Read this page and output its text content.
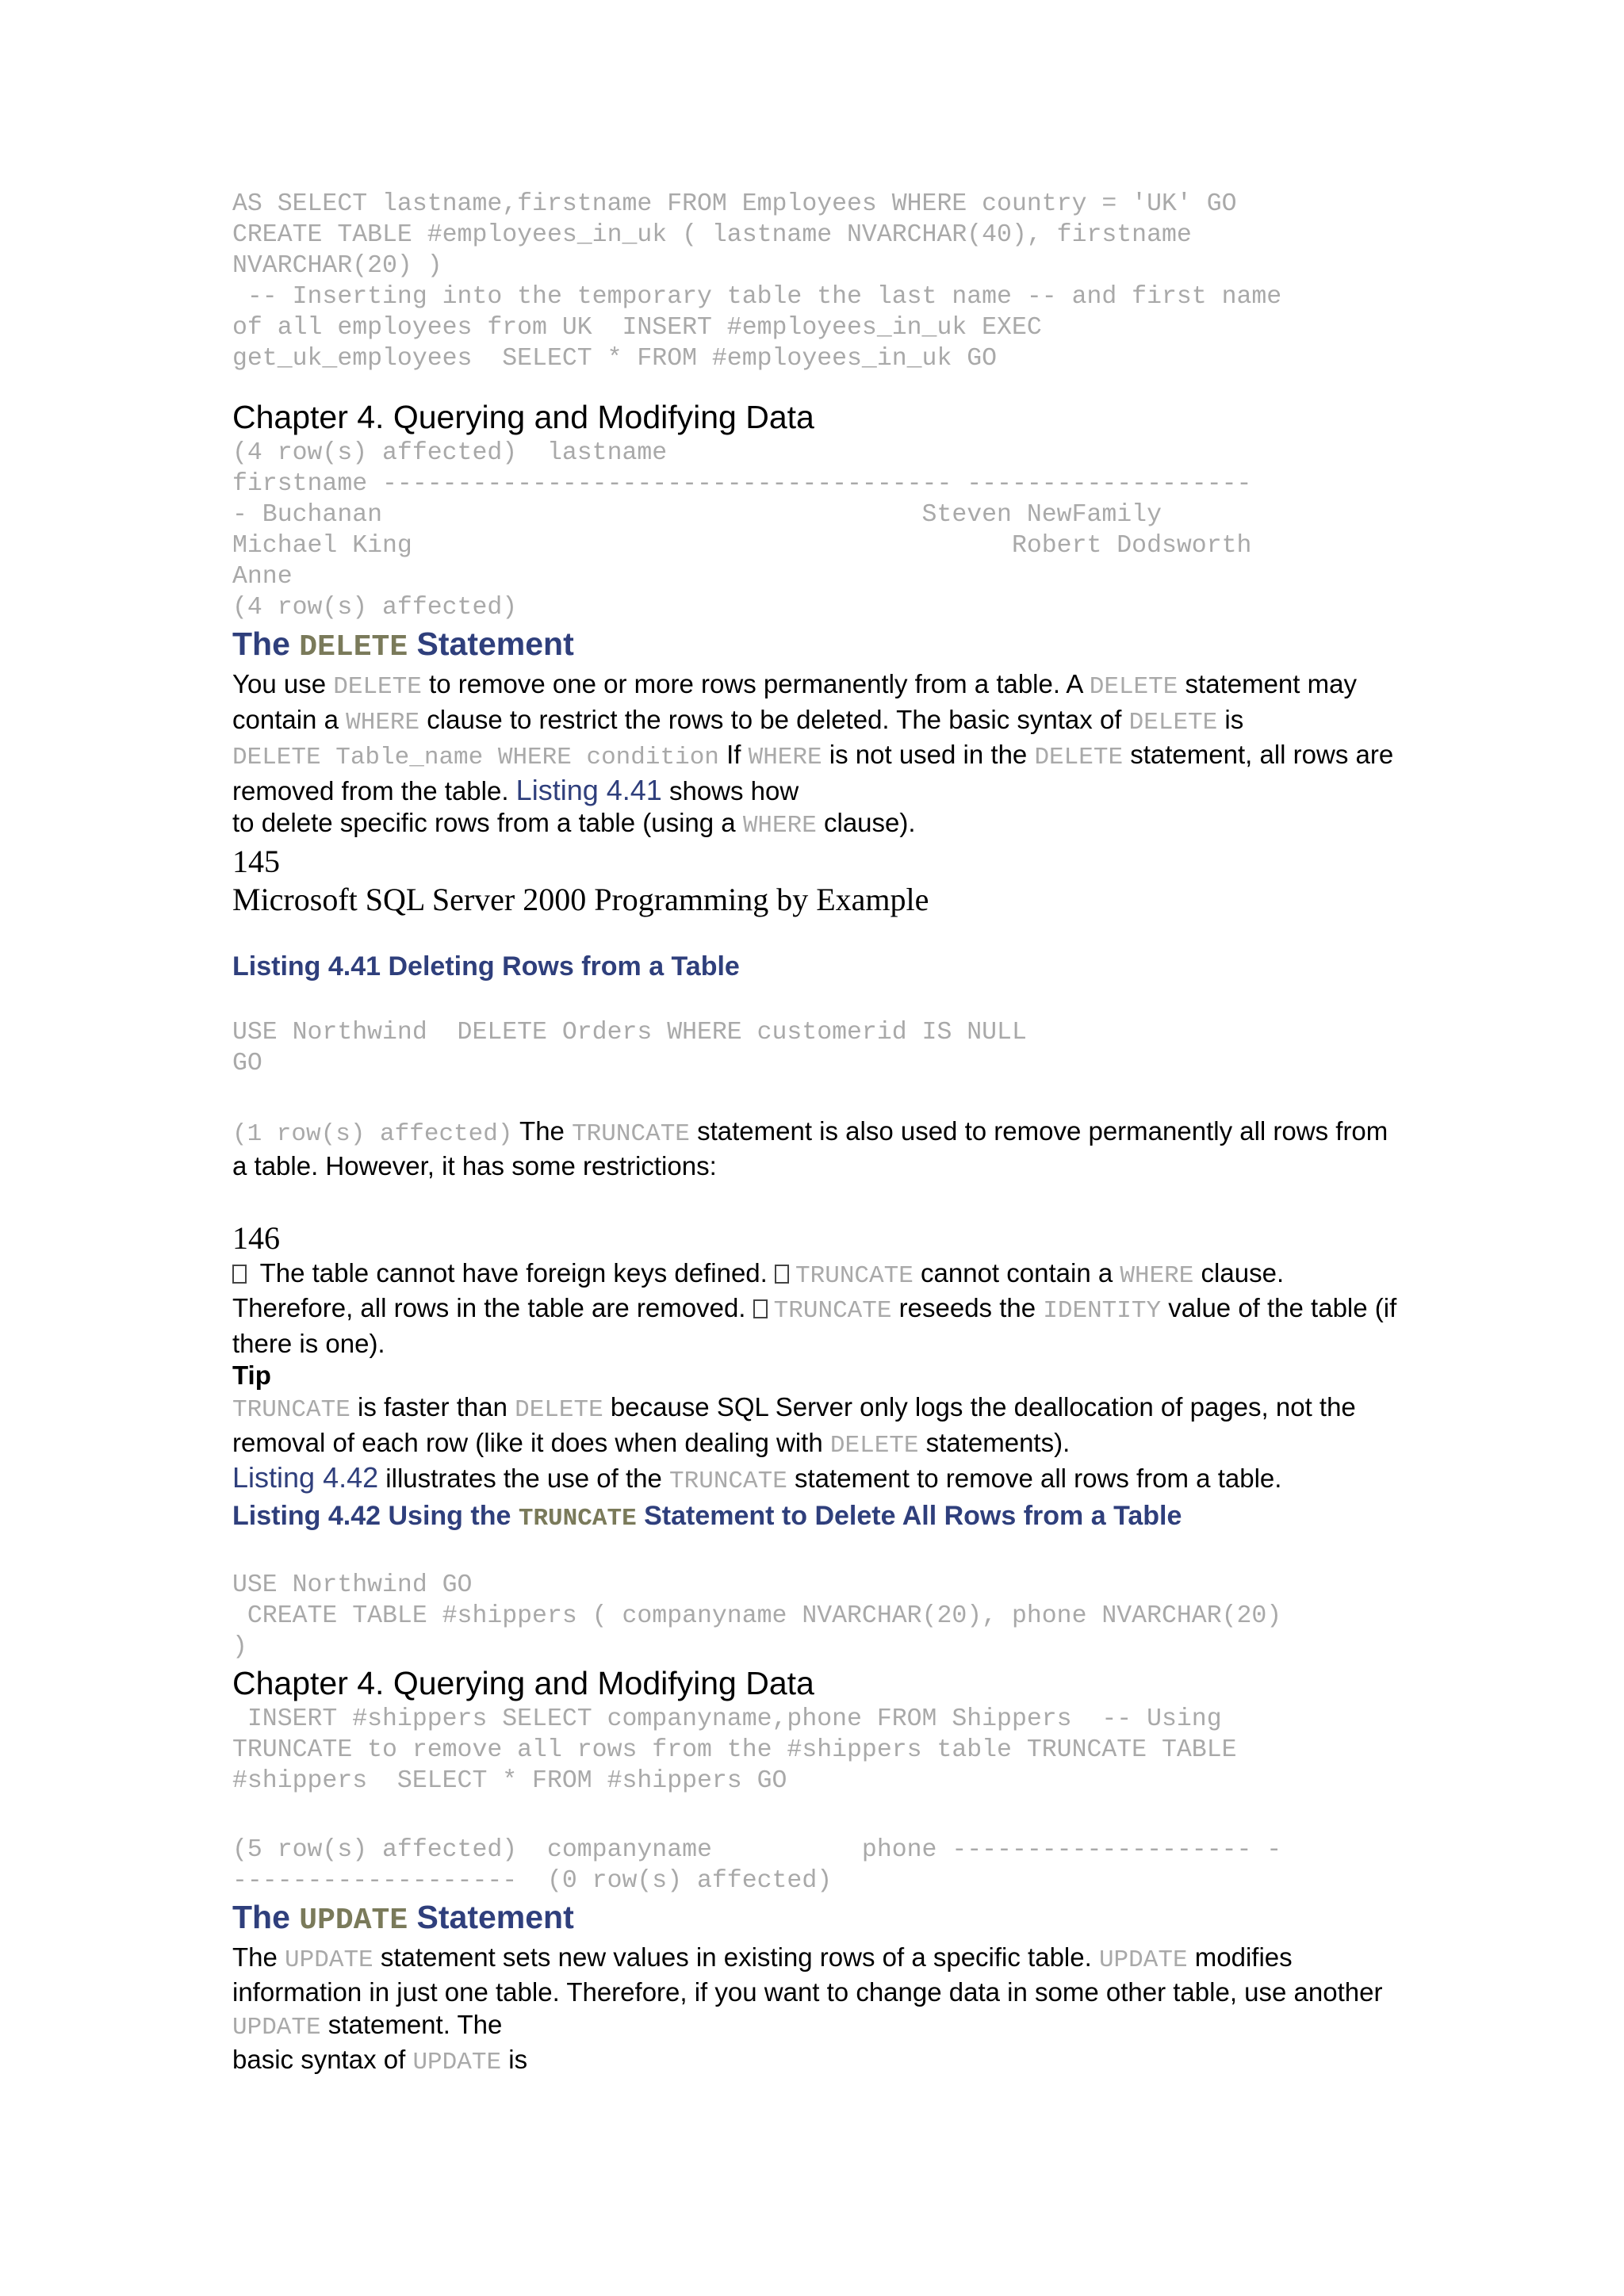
AS SELECT lastname,firstname FROM Employees WHERE country = 'UK' GO
CREATE TABLE #employees_in_uk ( lastname NVARCHAR(40), firstname
NVARCHAR(20) )
-- Inserting into the temporary table the last name -- and first name
of all employees from UK  INSERT #employees_in_uk EXEC
get_uk_employees  SELECT * FROM #employees_in_uk GO
Chapter 4. Querying and Modifying Data
(4 row(s) affected)  lastname
firstname -------------------------------------- -------------------
- Buchanan                                    Steven NewFamily
Michael King                                        Robert Dodsworth
Anne
(4 row(s) affected)
The DELETE Statement

You use DELETE to remove one or more rows permanently from a table. A DELETE statement may contain a WHERE clause to restrict the rows to be deleted. The basic syntax of DELETE is
DELETE Table_name WHERE condition If WHERE is not used in the DELETE statement, all rows are removed from the table. Listing 4.41 shows how
to delete specific rows from a table (using a WHERE clause).

145

Microsoft SQL Server 2000 Programming by Example

Listing 4.41 Deleting Rows from a Table
USE Northwind  DELETE Orders WHERE customerid IS NULL
GO

(1 row(s) affected) The TRUNCATE statement is also used to remove permanently all rows from a table. However, it has some restrictions:

146

The table cannot have foreign keys defined. TRUNCATE cannot contain a WHERE clause. Therefore, all rows in the table are removed. TRUNCATE reseeds the IDENTITY value of the table (if there is one).

Tip

TRUNCATE is faster than DELETE because SQL Server only logs the deallocation of pages, not the removal of each row (like it does when dealing with DELETE statements).

Listing 4.42 illustrates the use of the TRUNCATE statement to remove all rows from a table.

Listing 4.42 Using the TRUNCATE Statement to Delete All Rows from a Table
USE Northwind GO
CREATE TABLE #shippers ( companyname NVARCHAR(20), phone NVARCHAR(20)
)
Chapter 4. Querying and Modifying Data
INSERT #shippers SELECT companyname,phone FROM Shippers  -- Using
TRUNCATE to remove all rows from the #shippers table TRUNCATE TABLE
#shippers  SELECT * FROM #shippers GO
(5 row(s) affected)  companyname          phone -------------------- -
-------------------  (0 row(s) affected)
The UPDATE Statement

The UPDATE statement sets new values in existing rows of a specific table. UPDATE modifies information in just one table. Therefore, if you want to change data in some other table, use another UPDATE statement. The
basic syntax of UPDATE is
